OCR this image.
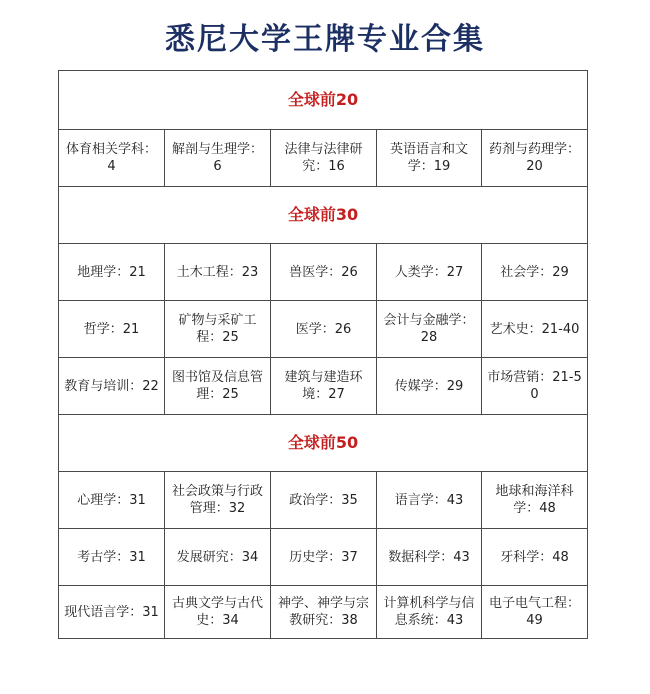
悉尼大学王牌专业合集
全球前20				
体育相关学科：4	解剖与生理学：6	法律与法律研究：16	英语语言和文学：19	药剂与药理学：20
全球前30				
地理学：21	土木工程：23	兽医学：26	人类学：27	社会学：29
哲学：21	矿物与采矿工程：25	医学：26	会计与金融学：28	艺术史：21-40
教育与培训：22	图书馆及信息管理：25	建筑与建造环境：27	传媒学：29	市场营销：21-50
全球前50				
心理学：31	社会政策与行政管理：32	政治学：35	语言学：43	地球和海洋科学：48
考古学：31	发展研究：34	历史学：37	数据科学：43	牙科学：48
现代语言学：31	古典文学与古代史：34	神学、神学与宗教研究：38	计算机科学与信息系统：43	电子电气工程：49
